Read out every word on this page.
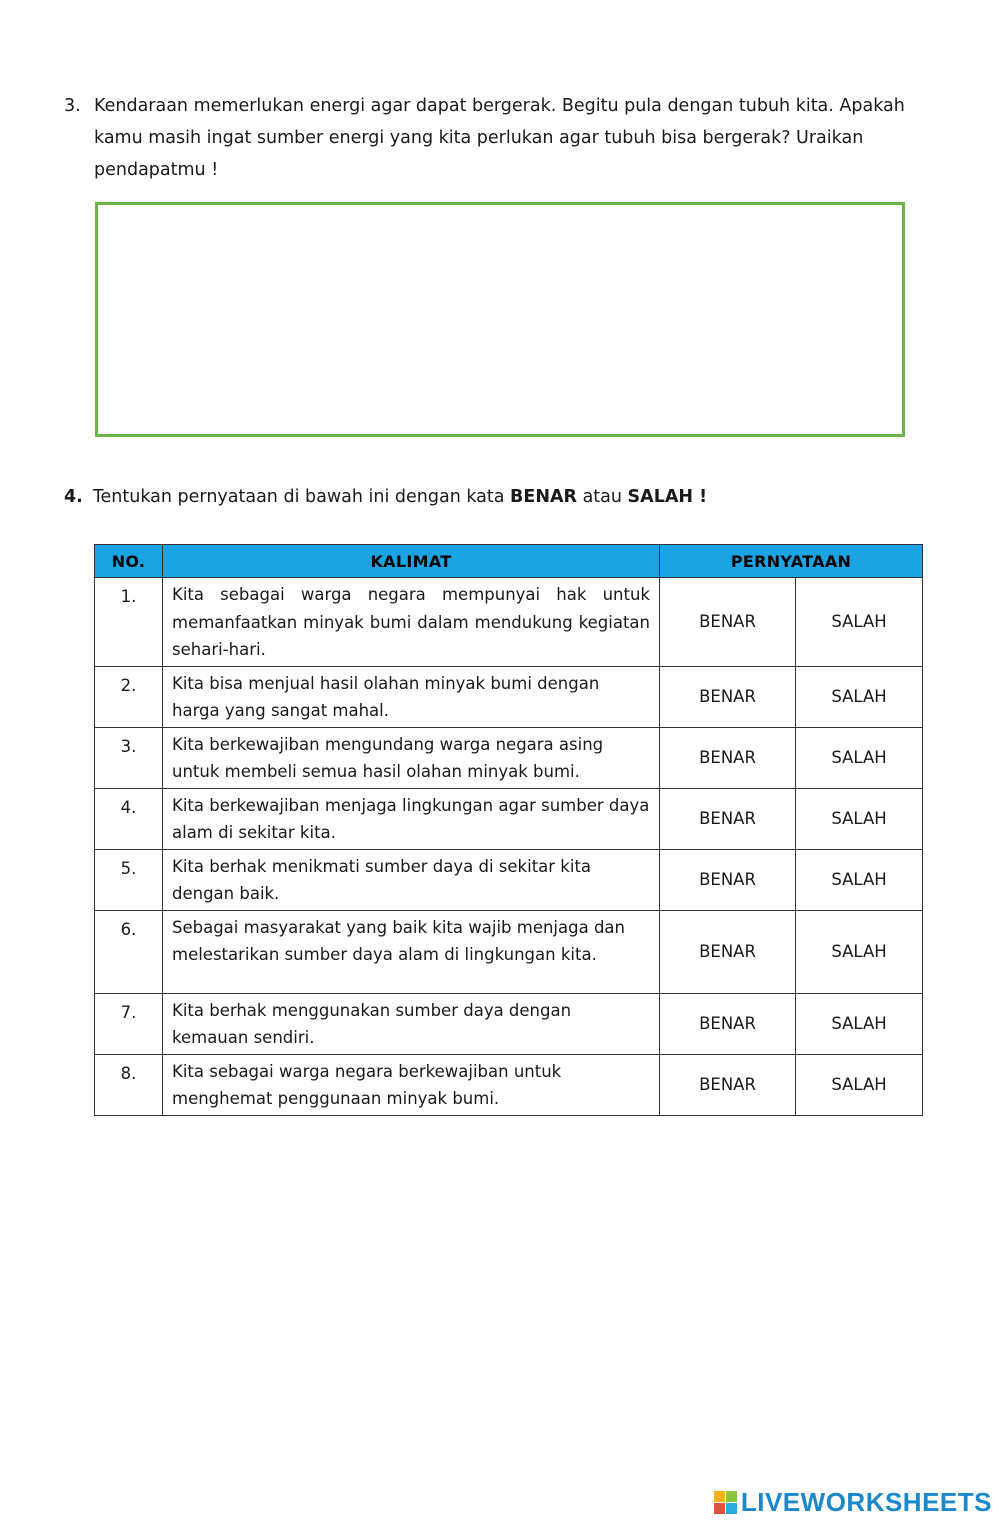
3. Kendaraan memerlukan energi agar dapat bergerak. Begitu pula dengan tubuh kita. Apakah kamu masih ingat sumber energi yang kita perlukan agar tubuh bisa bergerak? Uraikan pendapatmu !
4. Tentukan pernyataan di bawah ini dengan kata BENAR atau SALAH !
NO.	KALIMAT	PERNYATAAN	
1.	Kita sebagai warga negara mempunyai hak untuk memanfaatkan minyak bumi dalam mendukung kegiatan sehari-hari.	BENAR	SALAH
2.	Kita bisa menjual hasil olahan minyak bumi dengan harga yang sangat mahal.	BENAR	SALAH
3.	Kita berkewajiban mengundang warga negara asing untuk membeli semua hasil olahan minyak bumi.	BENAR	SALAH
4.	Kita berkewajiban menjaga lingkungan agar sumber daya alam di sekitar kita.	BENAR	SALAH
5.	Kita berhak menikmati sumber daya di sekitar kita dengan baik.	BENAR	SALAH
6.	Sebagai masyarakat yang baik kita wajib menjaga dan melestarikan sumber daya alam di lingkungan kita.	BENAR	SALAH
7.	Kita berhak menggunakan sumber daya dengan kemauan sendiri.	BENAR	SALAH
8.	Kita sebagai warga negara berkewajiban untuk menghemat penggunaan minyak bumi.	BENAR	SALAH
LIVEWORKSHEETS
